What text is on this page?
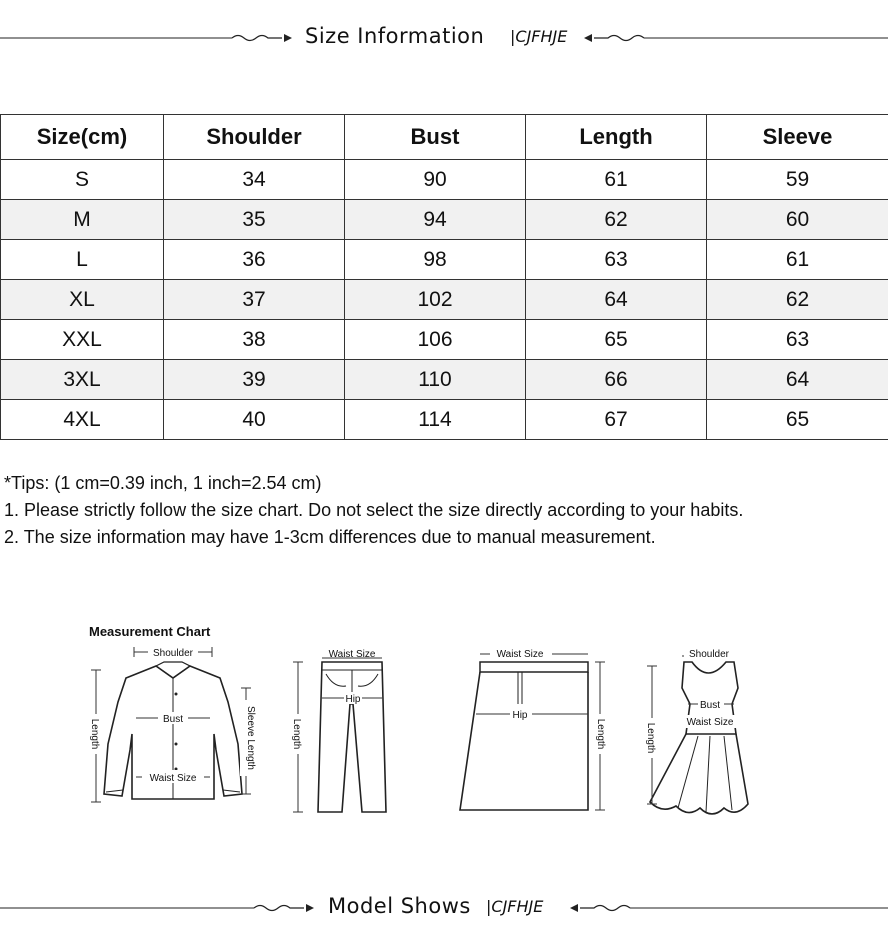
Size Information |CJFHJE
Size(cm)	Shoulder	Bust	Length	Sleeve
S	34	90	61	59
M	35	94	62	60
L	36	98	63	61
XL	37	102	64	62
XXL	38	106	65	63
3XL	39	110	66	64
4XL	40	114	67	65
*Tips: (1 cm=0.39 inch, 1 inch=2.54 cm)
1. Please strictly follow the size chart. Do not select the size directly according to your habits.
2. The size information may have 1-3cm differences due to manual measurement.
Measurement Chart
Shoulder
Bust
Waist Size
Length	Sleeve Length
Waist Size
Hip
Length
Waist Size
Hip
Length
Shoulder
Bust
Waist Size
Length
Model Shows |CJFHJE
